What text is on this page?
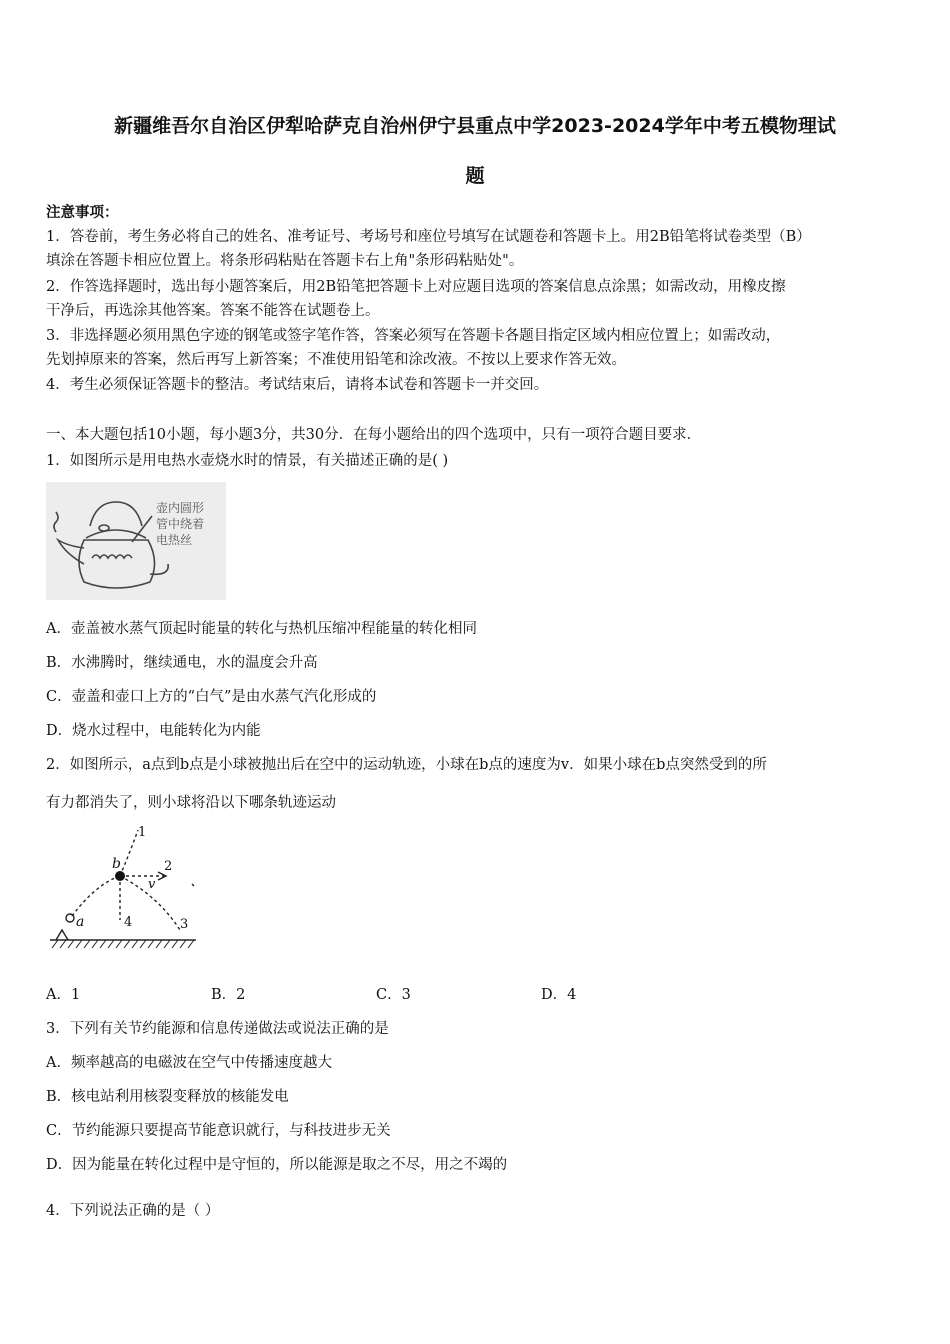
新疆维吾尔自治区伊犁哈萨克自治州伊宁县重点中学2023-2024学年中考五模物理试
题
注意事项：
1．答卷前，考生务必将自己的姓名、准考证号、考场号和座位号填写在试题卷和答题卡上。用2B铅笔将试卷类型（B）
填涂在答题卡相应位置上。将条形码粘贴在答题卡右上角"条形码粘贴处"。
2．作答选择题时，选出每小题答案后，用2B铅笔把答题卡上对应题目选项的答案信息点涂黑；如需改动，用橡皮擦
干净后，再选涂其他答案。答案不能答在试题卷上。
3．非选择题必须用黑色字迹的钢笔或签字笔作答，答案必须写在答题卡各题目指定区域内相应位置上；如需改动，
先划掉原来的答案，然后再写上新答案；不准使用铅笔和涂改液。不按以上要求作答无效。
4．考生必须保证答题卡的整洁。考试结束后，请将本试卷和答题卡一并交回。
一、本大题包括10小题，每小题3分，共30分．在每小题给出的四个选项中，只有一项符合题目要求．
1．如图所示是用电热水壶烧水时的情景，有关描述正确的是( )
壶内圆形
管中绕着
电热丝
A．壶盖被水蒸气顶起时能量的转化与热机压缩冲程能量的转化相同
B．水沸腾时，继续通电，水的温度会升高
C．壶盖和壶口上方的“白气”是由水蒸气汽化形成的
D．烧水过程中，电能转化为内能
2．如图所示，a点到b点是小球被抛出后在空中的运动轨迹，小球在b点的速度为v．如果小球在b点突然受到的所
有力都消失了，则小球将沿以下哪条轨迹运动
a
b
v
1
2
3
4
A．1	B．2	C．3	D．4
3．下列有关节约能源和信息传递做法或说法正确的是
A．频率越高的电磁波在空气中传播速度越大
B．核电站利用核裂变释放的核能发电
C．节约能源只要提高节能意识就行，与科技进步无关
D．因为能量在转化过程中是守恒的，所以能源是取之不尽，用之不竭的
4．下列说法正确的是（ ）
